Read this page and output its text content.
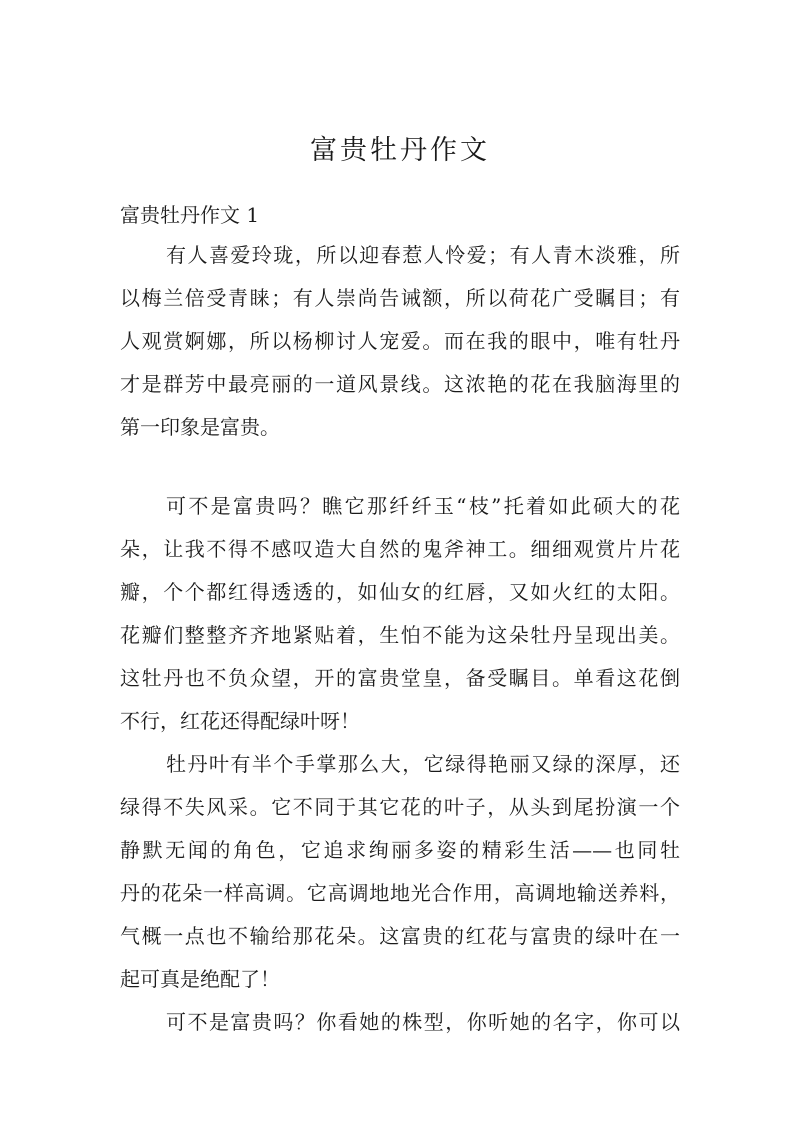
富贵牡丹作文
富贵牡丹作文 1
有人喜爱玲珑，所以迎春惹人怜爱；有人青木淡雅，所
以梅兰倍受青睐；有人崇尚告诫额，所以荷花广受瞩目；有
人观赏婀娜，所以杨柳讨人宠爱。而在我的眼中，唯有牡丹
才是群芳中最亮丽的一道风景线。这浓艳的花在我脑海里的
第一印象是富贵。
可不是富贵吗？瞧它那纤纤玉“枝”托着如此硕大的花
朵，让我不得不感叹造大自然的鬼斧神工。细细观赏片片花
瓣，个个都红得透透的，如仙女的红唇，又如火红的太阳。
花瓣们整整齐齐地紧贴着，生怕不能为这朵牡丹呈现出美。
这牡丹也不负众望，开的富贵堂皇，备受瞩目。单看这花倒
不行，红花还得配绿叶呀！
牡丹叶有半个手掌那么大，它绿得艳丽又绿的深厚，还
绿得不失风采。它不同于其它花的叶子，从头到尾扮演一个
静默无闻的角色，它追求绚丽多姿的精彩生活——也同牡
丹的花朵一样高调。它高调地地光合作用，高调地输送养料，
气概一点也不输给那花朵。这富贵的红花与富贵的绿叶在一
起可真是绝配了！
可不是富贵吗？你看她的株型，你听她的名字，你可以
